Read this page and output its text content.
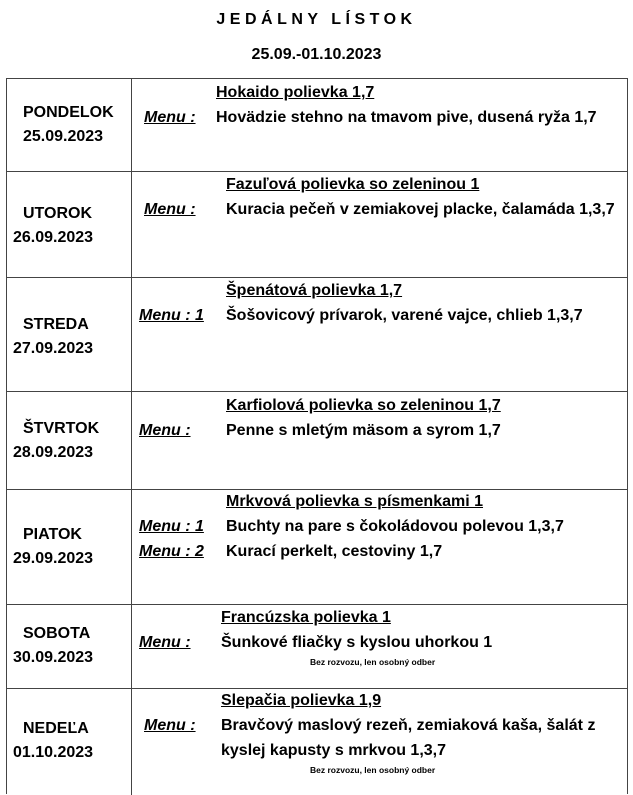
JEDÁLNY LÍSTOK
25.09.-01.10.2023
PONDELOK
25.09.2023
Hokaido polievka 1,7
Menu : Hovädzie stehno na tmavom pive, dusená ryža 1,7
UTOROK
26.09.2023
Fazuľová polievka so zeleninou 1
Menu : Kuracia pečeň v zemiakovej placke, čalamáda 1,3,7
STREDA
27.09.2023
Špenátová polievka 1,7
Menu : 1 Šošovicový prívarok, varené vajce, chlieb 1,3,7
ŠTVRTOK
28.09.2023
Karfiolová polievka so zeleninou 1,7
Menu : Penne s mletým mäsom a syrom 1,7
PIATOK
29.09.2023
Mrkvová polievka s písmenkami 1
Menu : 1 Buchty na pare s čokoládovou polevou 1,3,7
Menu : 2 Kurací perkelt, cestoviny 1,7
SOBOTA
30.09.2023
Francúzska polievka 1
Menu : Šunkové fliačky s kyslou uhorkou 1
Bez rozvozu, len osobný odber
NEDEĽA
01.10.2023
Slepačia polievka 1,9
Menu : Bravčový maslový rezeň, zemiaková kaša, šalát z kyslej kapusty s mrkvou 1,3,7
Bez rozvozu, len osobný odber
